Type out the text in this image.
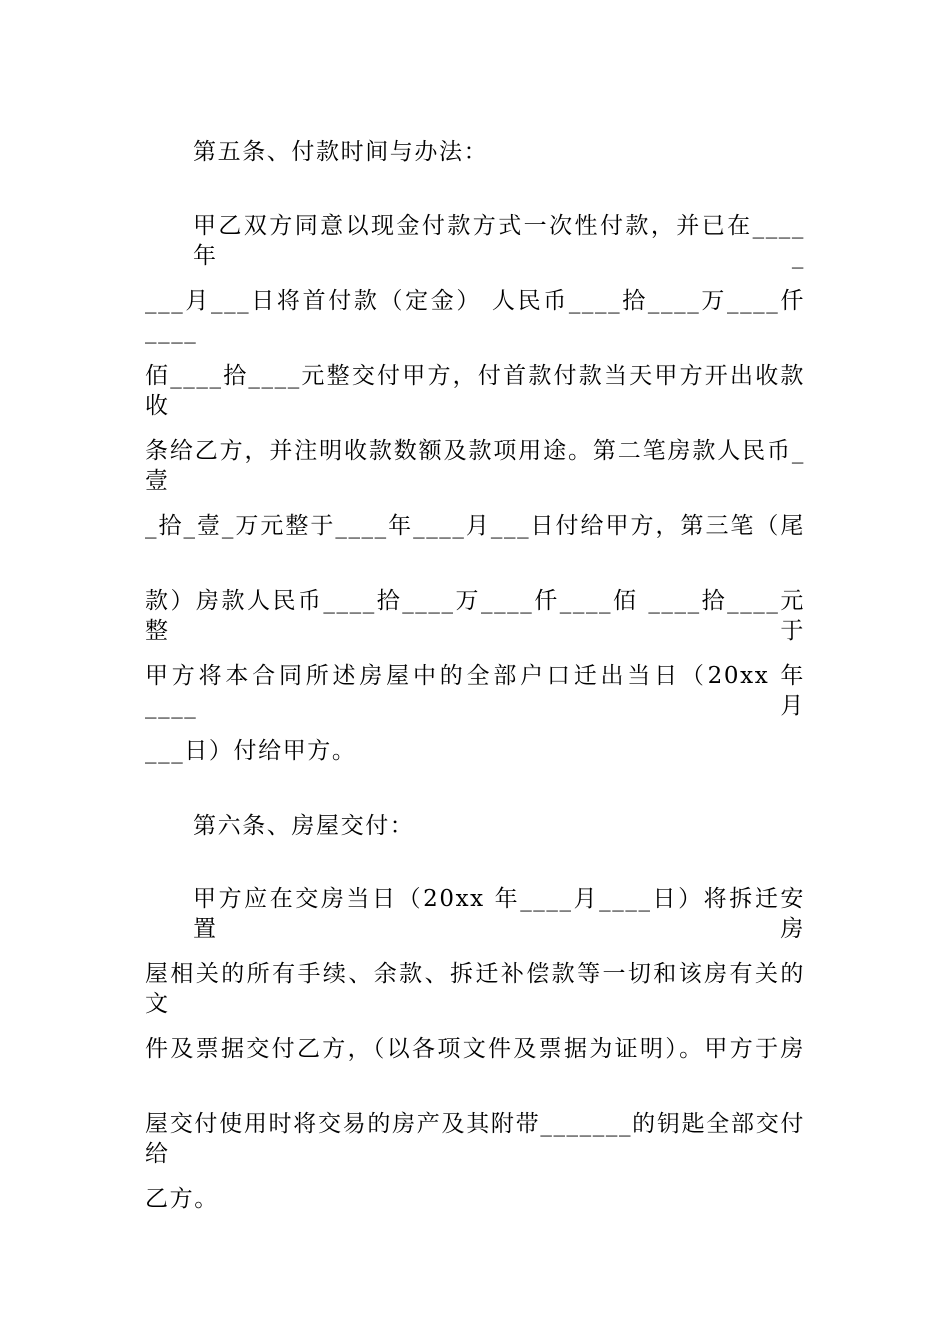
第五条、付款时间与办法：
甲乙双方同意以现金付款方式一次性付款，并已在____年_
___月___日将首付款（定金） 人民币____拾____万____仟____
佰____拾____元整交付甲方，付首款付款当天甲方开出收款收
条给乙方，并注明收款数额及款项用途。第二笔房款人民币_壹
_拾_壹_万元整于____年____月___日付给甲方，第三笔（尾
款）房款人民币____拾____万____仟____佰 ____拾____元整于
甲方将本合同所述房屋中的全部户口迁出当日（20xx 年____月
___日）付给甲方。
第六条、房屋交付：
甲方应在交房当日（20xx 年____月____日）将拆迁安置房
屋相关的所有手续、余款、拆迁补偿款等一切和该房有关的文
件及票据交付乙方，（以各项文件及票据为证明）。甲方于房
屋交付使用时将交易的房产及其附带_______的钥匙全部交付给
乙方。
